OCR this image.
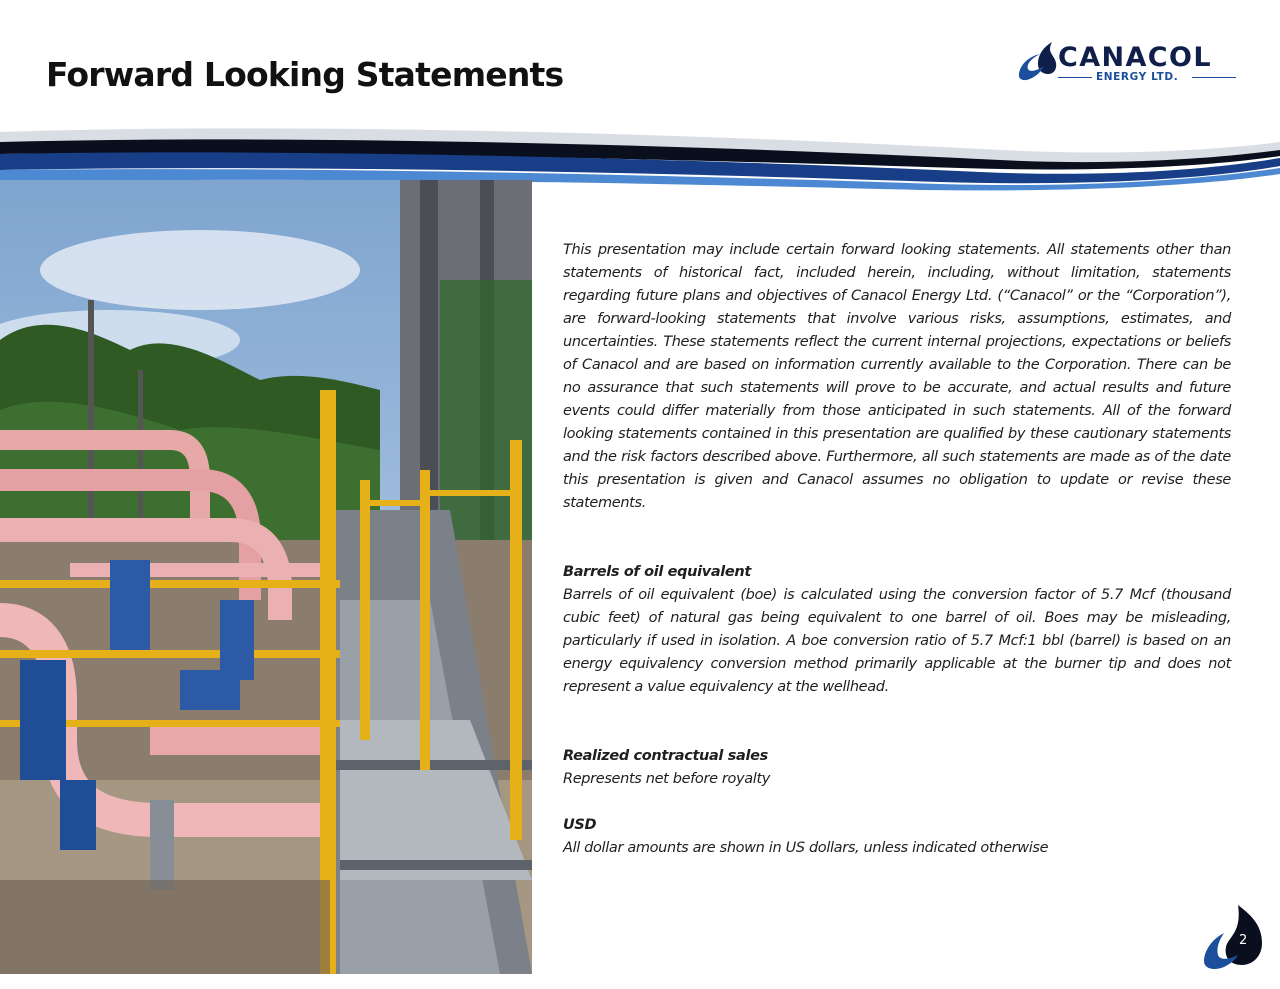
Forward Looking Statements	CANACOL
ENERGY LTD.

This presentation may include certain forward looking statements. All statements other than statements of historical fact, included herein, including, without limitation, statements regarding future plans and objectives of Canacol Energy Ltd. (“Canacol” or the “Corporation”), are forward-looking statements that involve various risks, assumptions, estimates, and uncertainties. These statements reflect the current internal projections, expectations or beliefs of Canacol and are based on information currently available to the Corporation. There can be no assurance that such statements will prove to be accurate, and actual results and future events could differ materially from those anticipated in such statements. All of the forward looking statements contained in this presentation are qualified by these cautionary statements and the risk factors described above. Furthermore, all such statements are made as of the date this presentation is given and Canacol assumes no obligation to update or revise these statements.

Barrels of oil equivalent

Barrels of oil equivalent (boe) is calculated using the conversion factor of 5.7 Mcf (thousand cubic feet) of natural gas being equivalent to one barrel of oil. Boes may be misleading, particularly if used in isolation. A boe conversion ratio of 5.7 Mcf:1 bbl (barrel) is based on an energy equivalency conversion method primarily applicable at the burner tip and does not represent a value equivalency at the wellhead.

Realized contractual sales

Represents net before royalty

USD

All dollar amounts are shown in US dollars, unless indicated otherwise

2
